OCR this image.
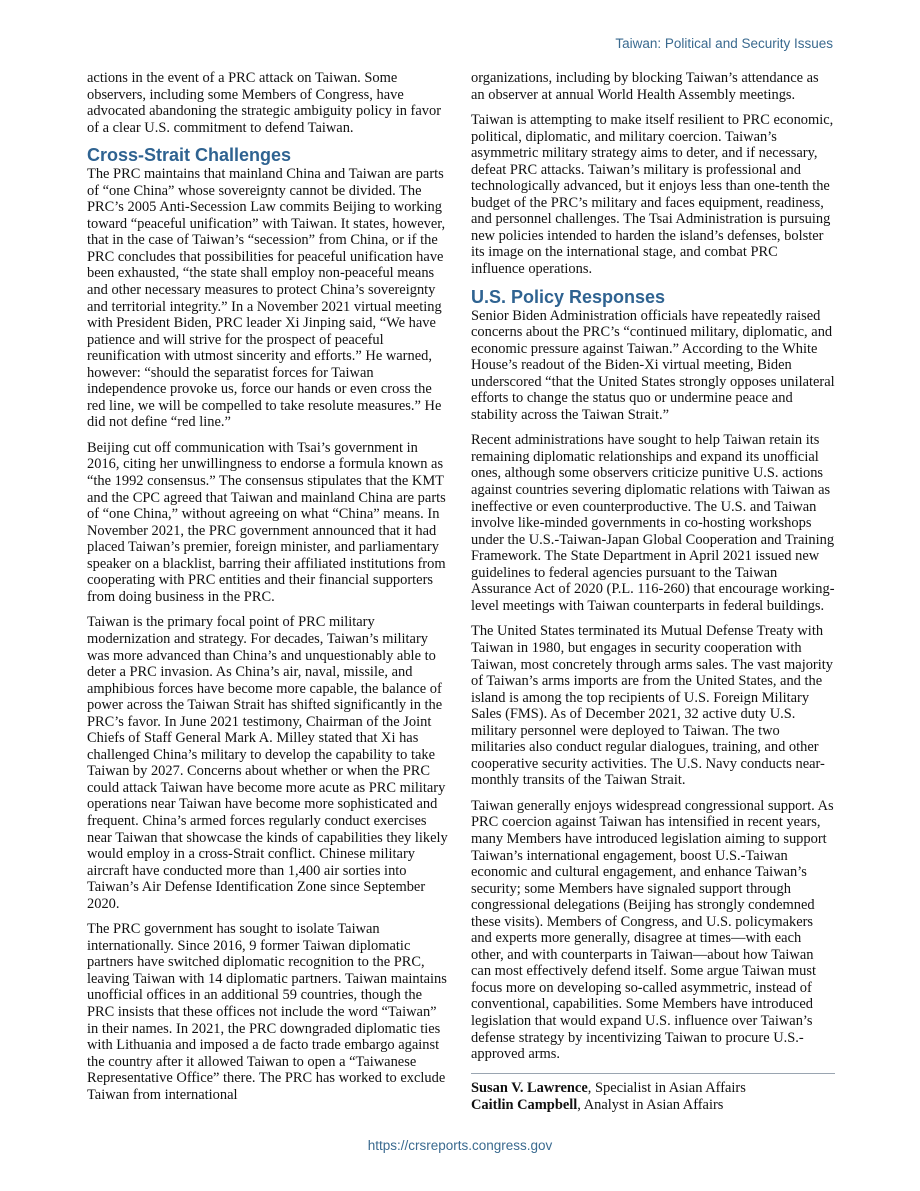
Taiwan: Political and Security Issues

actions in the event of a PRC attack on Taiwan. Some observers, including some Members of Congress, have advocated abandoning the strategic ambiguity policy in favor of a clear U.S. commitment to defend Taiwan.

Cross-Strait Challenges

The PRC maintains that mainland China and Taiwan are parts of “one China” whose sovereignty cannot be divided. The PRC’s 2005 Anti-Secession Law commits Beijing to working toward “peaceful unification” with Taiwan. It states, however, that in the case of Taiwan’s “secession” from China, or if the PRC concludes that possibilities for peaceful unification have been exhausted, “the state shall employ non-peaceful means and other necessary measures to protect China’s sovereignty and territorial integrity.” In a November 2021 virtual meeting with President Biden, PRC leader Xi Jinping said, “We have patience and will strive for the prospect of peaceful reunification with utmost sincerity and efforts.” He warned, however: “should the separatist forces for Taiwan independence provoke us, force our hands or even cross the red line, we will be compelled to take resolute measures.” He did not define “red line.”

Beijing cut off communication with Tsai’s government in 2016, citing her unwillingness to endorse a formula known as “the 1992 consensus.” The consensus stipulates that the KMT and the CPC agreed that Taiwan and mainland China are parts of “one China,” without agreeing on what “China” means. In November 2021, the PRC government announced that it had placed Taiwan’s premier, foreign minister, and parliamentary speaker on a blacklist, barring their affiliated institutions from cooperating with PRC entities and their financial supporters from doing business in the PRC.

Taiwan is the primary focal point of PRC military modernization and strategy. For decades, Taiwan’s military was more advanced than China’s and unquestionably able to deter a PRC invasion. As China’s air, naval, missile, and amphibious forces have become more capable, the balance of power across the Taiwan Strait has shifted significantly in the PRC’s favor. In June 2021 testimony, Chairman of the Joint Chiefs of Staff General Mark A. Milley stated that Xi has challenged China’s military to develop the capability to take Taiwan by 2027. Concerns about whether or when the PRC could attack Taiwan have become more acute as PRC military operations near Taiwan have become more sophisticated and frequent. China’s armed forces regularly conduct exercises near Taiwan that showcase the kinds of capabilities they likely would employ in a cross-Strait conflict. Chinese military aircraft have conducted more than 1,400 air sorties into Taiwan’s Air Defense Identification Zone since September 2020.

The PRC government has sought to isolate Taiwan internationally. Since 2016, 9 former Taiwan diplomatic partners have switched diplomatic recognition to the PRC, leaving Taiwan with 14 diplomatic partners. Taiwan maintains unofficial offices in an additional 59 countries, though the PRC insists that these offices not include the word “Taiwan” in their names. In 2021, the PRC downgraded diplomatic ties with Lithuania and imposed a de facto trade embargo against the country after it allowed Taiwan to open a “Taiwanese Representative Office” there. The PRC has worked to exclude Taiwan from international

organizations, including by blocking Taiwan’s attendance as an observer at annual World Health Assembly meetings.

Taiwan is attempting to make itself resilient to PRC economic, political, diplomatic, and military coercion. Taiwan’s asymmetric military strategy aims to deter, and if necessary, defeat PRC attacks. Taiwan’s military is professional and technologically advanced, but it enjoys less than one-tenth the budget of the PRC’s military and faces equipment, readiness, and personnel challenges. The Tsai Administration is pursuing new policies intended to harden the island’s defenses, bolster its image on the international stage, and combat PRC influence operations.

U.S. Policy Responses

Senior Biden Administration officials have repeatedly raised concerns about the PRC’s “continued military, diplomatic, and economic pressure against Taiwan.” According to the White House’s readout of the Biden-Xi virtual meeting, Biden underscored “that the United States strongly opposes unilateral efforts to change the status quo or undermine peace and stability across the Taiwan Strait.”

Recent administrations have sought to help Taiwan retain its remaining diplomatic relationships and expand its unofficial ones, although some observers criticize punitive U.S. actions against countries severing diplomatic relations with Taiwan as ineffective or even counterproductive. The U.S. and Taiwan involve like-minded governments in co-hosting workshops under the U.S.-Taiwan-Japan Global Cooperation and Training Framework. The State Department in April 2021 issued new guidelines to federal agencies pursuant to the Taiwan Assurance Act of 2020 (P.L. 116-260) that encourage working-level meetings with Taiwan counterparts in federal buildings.

The United States terminated its Mutual Defense Treaty with Taiwan in 1980, but engages in security cooperation with Taiwan, most concretely through arms sales. The vast majority of Taiwan’s arms imports are from the United States, and the island is among the top recipients of U.S. Foreign Military Sales (FMS). As of December 2021, 32 active duty U.S. military personnel were deployed to Taiwan. The two militaries also conduct regular dialogues, training, and other cooperative security activities. The U.S. Navy conducts near-monthly transits of the Taiwan Strait.

Taiwan generally enjoys widespread congressional support. As PRC coercion against Taiwan has intensified in recent years, many Members have introduced legislation aiming to support Taiwan’s international engagement, boost U.S.-Taiwan economic and cultural engagement, and enhance Taiwan’s security; some Members have signaled support through congressional delegations (Beijing has strongly condemned these visits). Members of Congress, and U.S. policymakers and experts more generally, disagree at times—with each other, and with counterparts in Taiwan—about how Taiwan can most effectively defend itself. Some argue Taiwan must focus more on developing so-called asymmetric, instead of conventional, capabilities. Some Members have introduced legislation that would expand U.S. influence over Taiwan’s defense strategy by incentivizing Taiwan to procure U.S.-approved arms.

Susan V. Lawrence, Specialist in Asian Affairs
Caitlin Campbell, Analyst in Asian Affairs
https://crsreports.congress.gov
